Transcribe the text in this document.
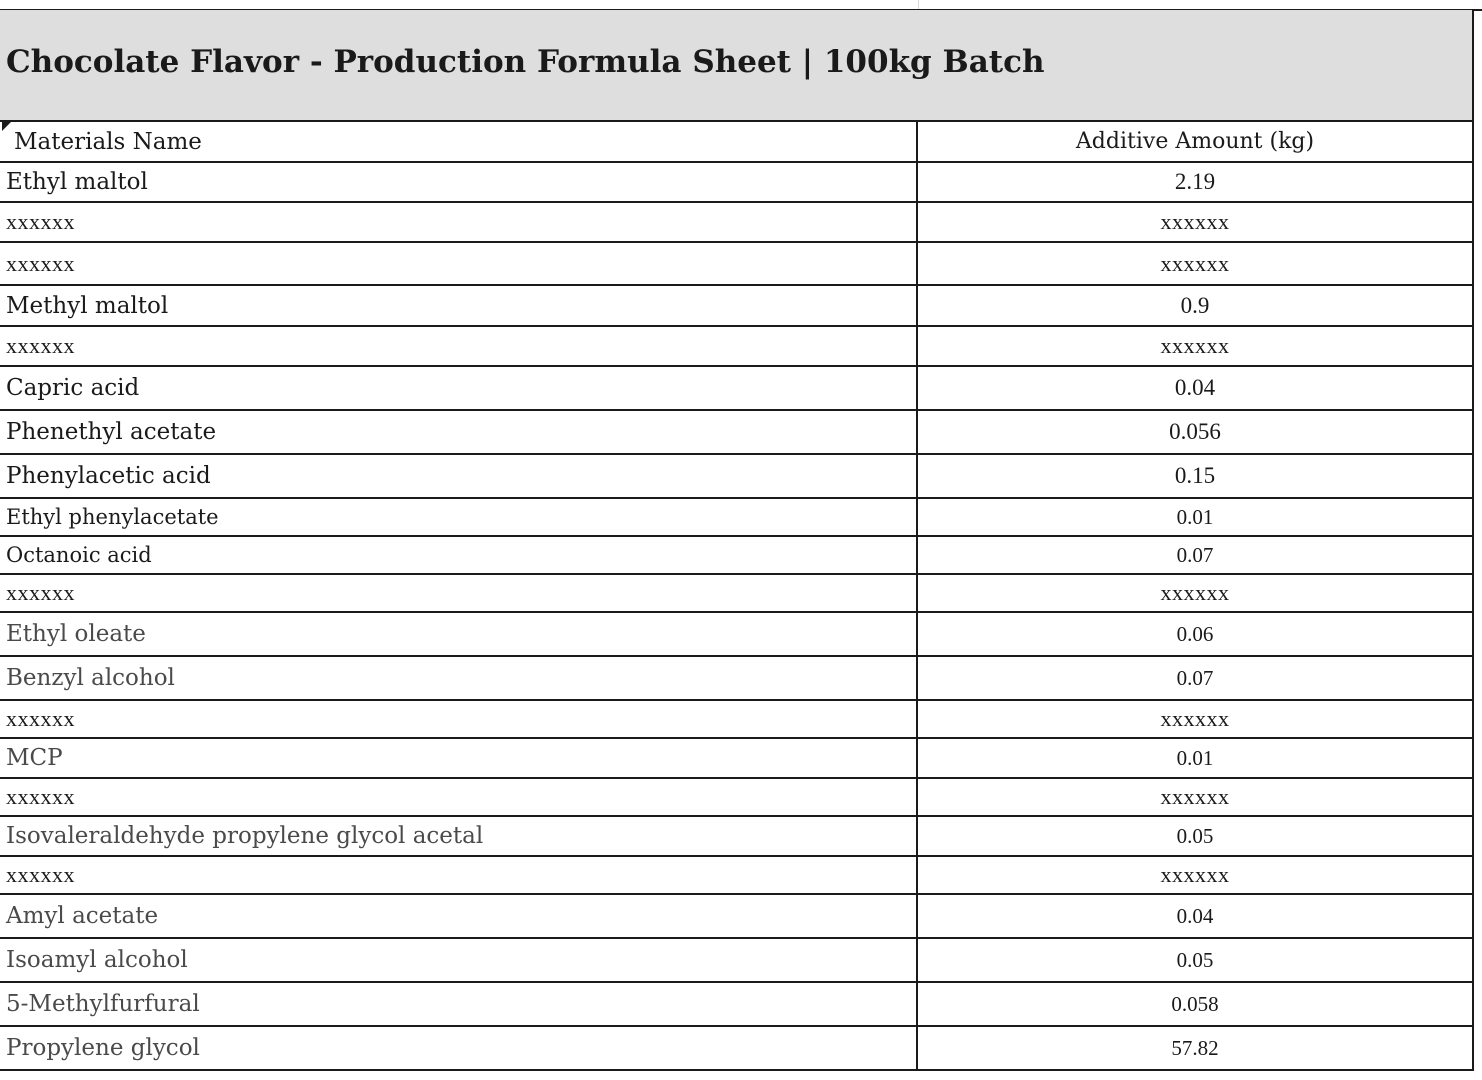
Chocolate Flavor - Production Formula Sheet | 100kg Batch
Materials Name	Additive Amount (kg)
Ethyl maltol	2.19
xxxxxx	xxxxxx
xxxxxx	xxxxxx
Methyl maltol	0.9
xxxxxx	xxxxxx
Capric acid	0.04
Phenethyl acetate	0.056
Phenylacetic acid	0.15
Ethyl phenylacetate	0.01
Octanoic acid	0.07
xxxxxx	xxxxxx
Ethyl oleate	0.06
Benzyl alcohol	0.07
xxxxxx	xxxxxx
MCP	0.01
xxxxxx	xxxxxx
Isovaleraldehyde propylene glycol acetal	0.05
xxxxxx	xxxxxx
Amyl acetate	0.04
Isoamyl alcohol	0.05
5-Methylfurfural	0.058
Propylene glycol	57.82
